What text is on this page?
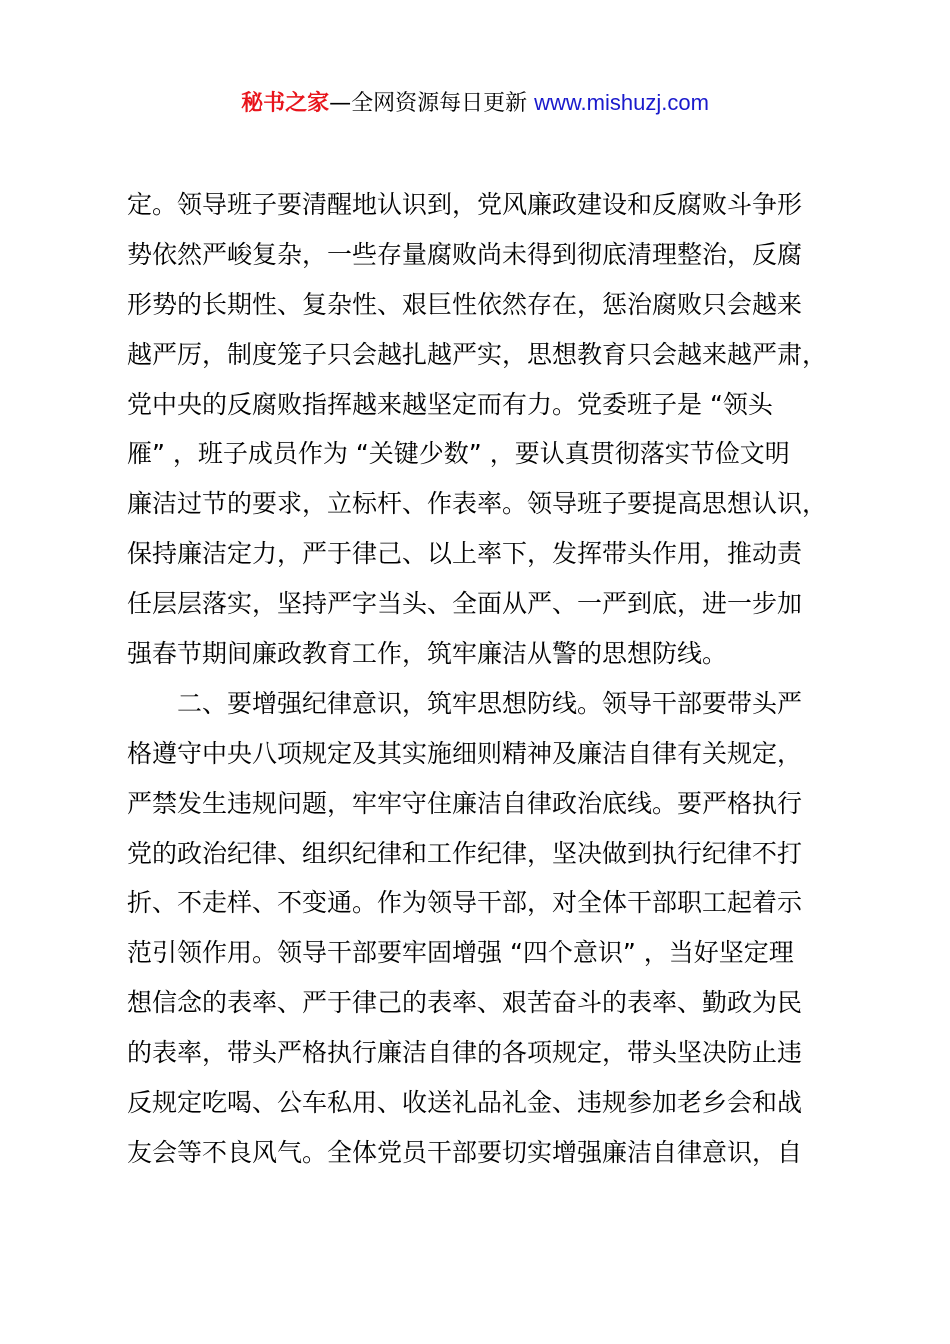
秘书之家—全网资源每日更新 www.mishuzj.com
定。领导班子要清醒地认识到，党风廉政建设和反腐败斗争形
势依然严峻复杂，一些存量腐败尚未得到彻底清理整治，反腐
形势的长期性、复杂性、艰巨性依然存在，惩治腐败只会越来
越严厉，制度笼子只会越扎越严实，思想教育只会越来越严肃，
党中央的反腐败指挥越来越坚定而有力。党委班子是 “领头
雁” ，班子成员作为 “关键少数” ，要认真贯彻落实节俭文明
廉洁过节的要求，立标杆、作表率。领导班子要提高思想认识，
保持廉洁定力，严于律己、以上率下，发挥带头作用，推动责
任层层落实，坚持严字当头、全面从严、一严到底，进一步加
强春节期间廉政教育工作，筑牢廉洁从警的思想防线。
　　二、要增强纪律意识，筑牢思想防线。领导干部要带头严
格遵守中央八项规定及其实施细则精神及廉洁自律有关规定，
严禁发生违规问题，牢牢守住廉洁自律政治底线。要严格执行
党的政治纪律、组织纪律和工作纪律，坚决做到执行纪律不打
折、不走样、不变通。作为领导干部，对全体干部职工起着示
范引领作用。领导干部要牢固增强 “四个意识” ，当好坚定理
想信念的表率、严于律己的表率、艰苦奋斗的表率、勤政为民
的表率，带头严格执行廉洁自律的各项规定，带头坚决防止违
反规定吃喝、公车私用、收送礼品礼金、违规参加老乡会和战
友会等不良风气。全体党员干部要切实增强廉洁自律意识，自
